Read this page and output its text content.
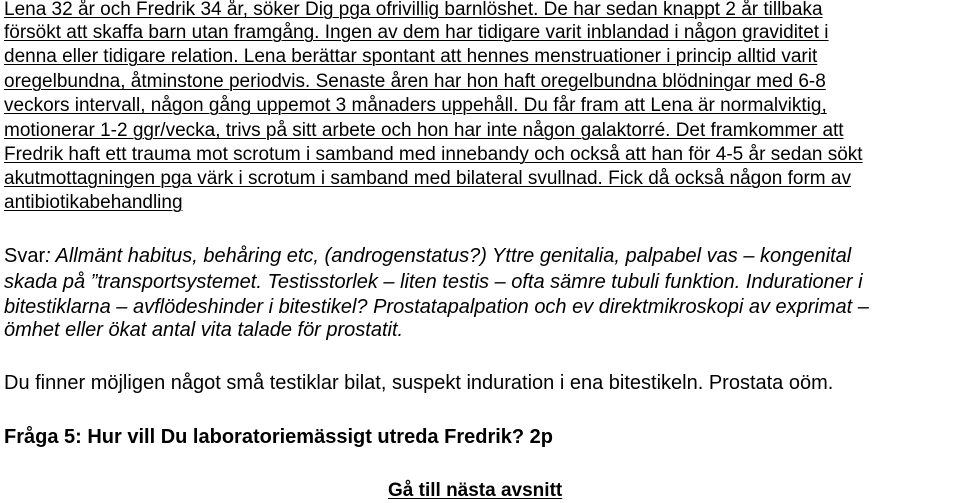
Lena 32 år och Fredrik 34 år, söker Dig pga ofrivillig barnlöshet. De har sedan knappt 2 år tillbaka
försökt att skaffa barn utan framgång. Ingen av dem har tidigare varit inblandad i någon graviditet i
denna eller tidigare relation. Lena berättar spontant att hennes menstruationer i princip alltid varit
oregelbundna, åtminstone periodvis. Senaste åren har hon haft oregelbundna blödningar med 6-8
veckors intervall, någon gång uppemot 3 månaders uppehåll. Du får fram att Lena är normalviktig,
motionerar 1-2 ggr/vecka, trivs på sitt arbete och hon har inte någon galaktorré. Det framkommer att
Fredrik haft ett trauma mot scrotum i samband med innebandy och också att han för 4-5 år sedan sökt
akutmottagningen pga värk i scrotum i samband med bilateral svullnad. Fick då också någon form av
antibiotikabehandling
Svar: Allmänt habitus, behåring etc, (androgenstatus?) Yttre genitalia, palpabel vas – kongenital
skada på ”transportsystemet. Testisstorlek – liten testis – ofta sämre tubuli funktion. Indurationer i
bitestiklarna – avflödeshinder i bitestikel? Prostatapalpation och ev direktmikroskopi av exprimat –
ömhet eller ökat antal vita talade för prostatit.
Du finner möjligen något små testiklar bilat, suspekt induration i ena bitestikeln. Prostata oöm.
Fråga 5: Hur vill Du laboratoriemässigt utreda Fredrik? 2p
Gå till nästa avsnitt
